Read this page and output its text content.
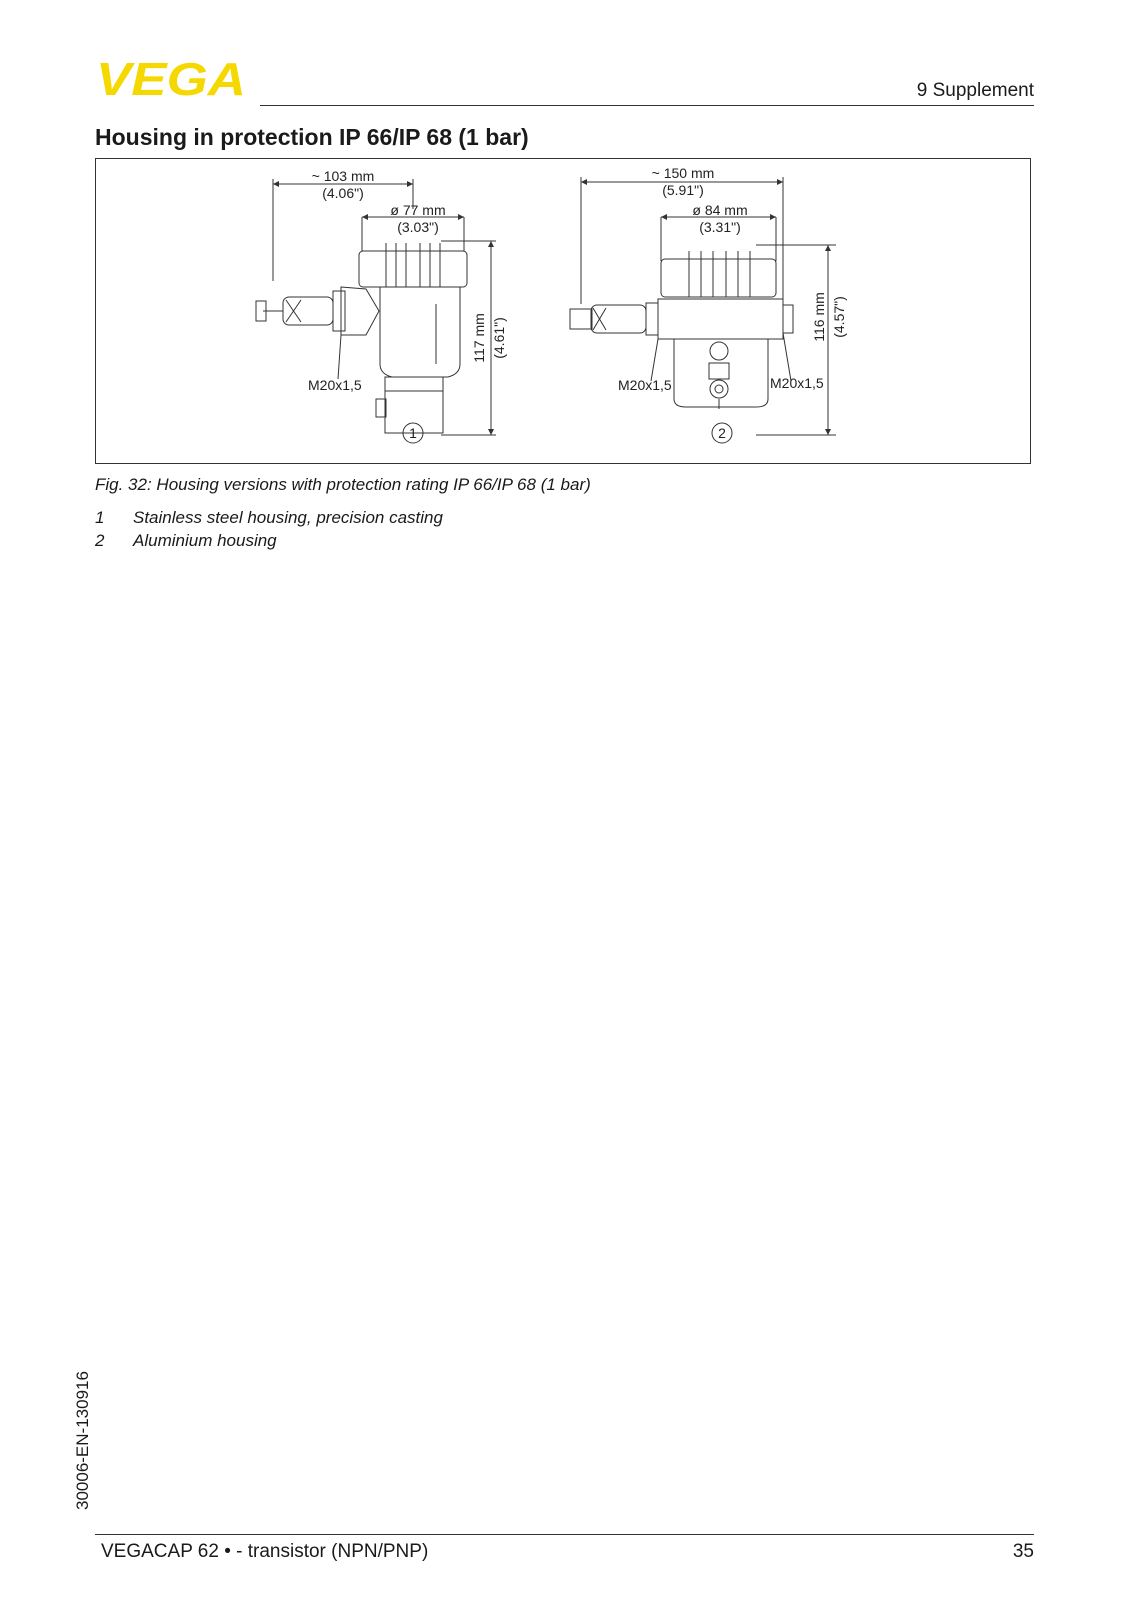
VEGA	9 Supplement
Housing in protection IP 66/IP 68 (1 bar)
~ 103 mm
(4.06")
ø 77 mm
(3.03")
117 mm (4.61")
M20x1,5
1
~ 150 mm
(5.91")
ø 84 mm
(3.31")
116 mm (4.57")
M20x1,5	M20x1,5
2
Fig. 32: Housing versions with protection rating IP 66/IP 68 (1 bar)
1	Stainless steel housing, precision casting
2	Aluminium housing
30006-EN-130916
VEGACAP 62 • - transistor (NPN/PNP)	35
